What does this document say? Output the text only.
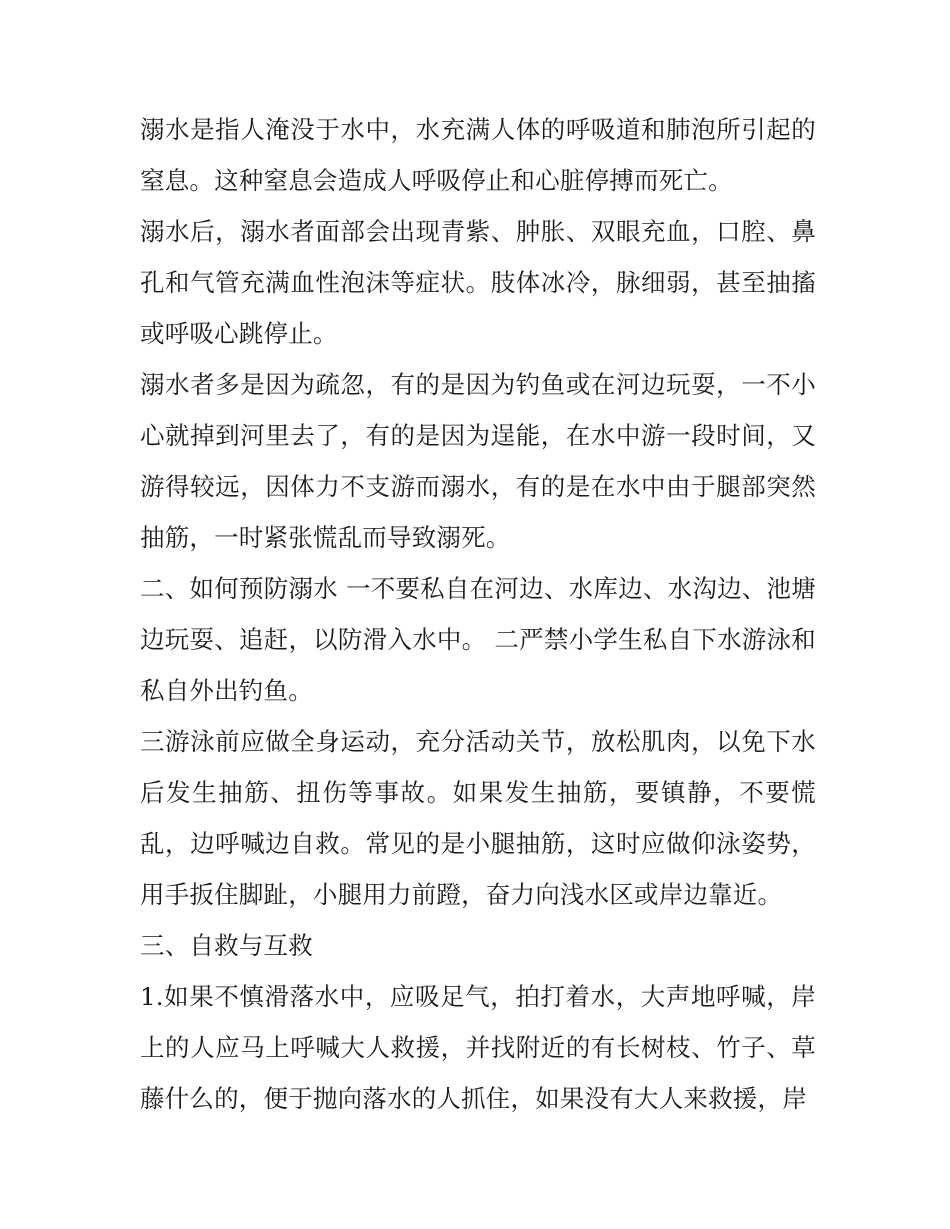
溺水是指人淹没于水中，水充满人体的呼吸道和肺泡所引起的窒息。这种窒息会造成人呼吸停止和心脏停搏而死亡。

溺水后，溺水者面部会出现青紫、肿胀、双眼充血，口腔、鼻孔和气管充满血性泡沫等症状。肢体冰冷，脉细弱，甚至抽搐或呼吸心跳停止。

溺水者多是因为疏忽，有的是因为钓鱼或在河边玩耍，一不小心就掉到河里去了，有的是因为逞能，在水中游一段时间，又游得较远，因体力不支游而溺水，有的是在水中由于腿部突然抽筋，一时紧张慌乱而导致溺死。

二、如何预防溺水 一不要私自在河边、水库边、水沟边、池塘边玩耍、追赶，以防滑入水中。 二严禁小学生私自下水游泳和私自外出钓鱼。

三游泳前应做全身运动，充分活动关节，放松肌肉，以免下水后发生抽筋、扭伤等事故。如果发生抽筋，要镇静，不要慌乱，边呼喊边自救。常见的是小腿抽筋，这时应做仰泳姿势，用手扳住脚趾，小腿用力前蹬，奋力向浅水区或岸边靠近。

三、自救与互救

1.如果不慎滑落水中，应吸足气，拍打着水，大声地呼喊，岸上的人应马上呼喊大人救援，并找附近的有长树枝、竹子、草藤什么的，便于抛向落水的人抓住，如果没有大人来救援，岸
